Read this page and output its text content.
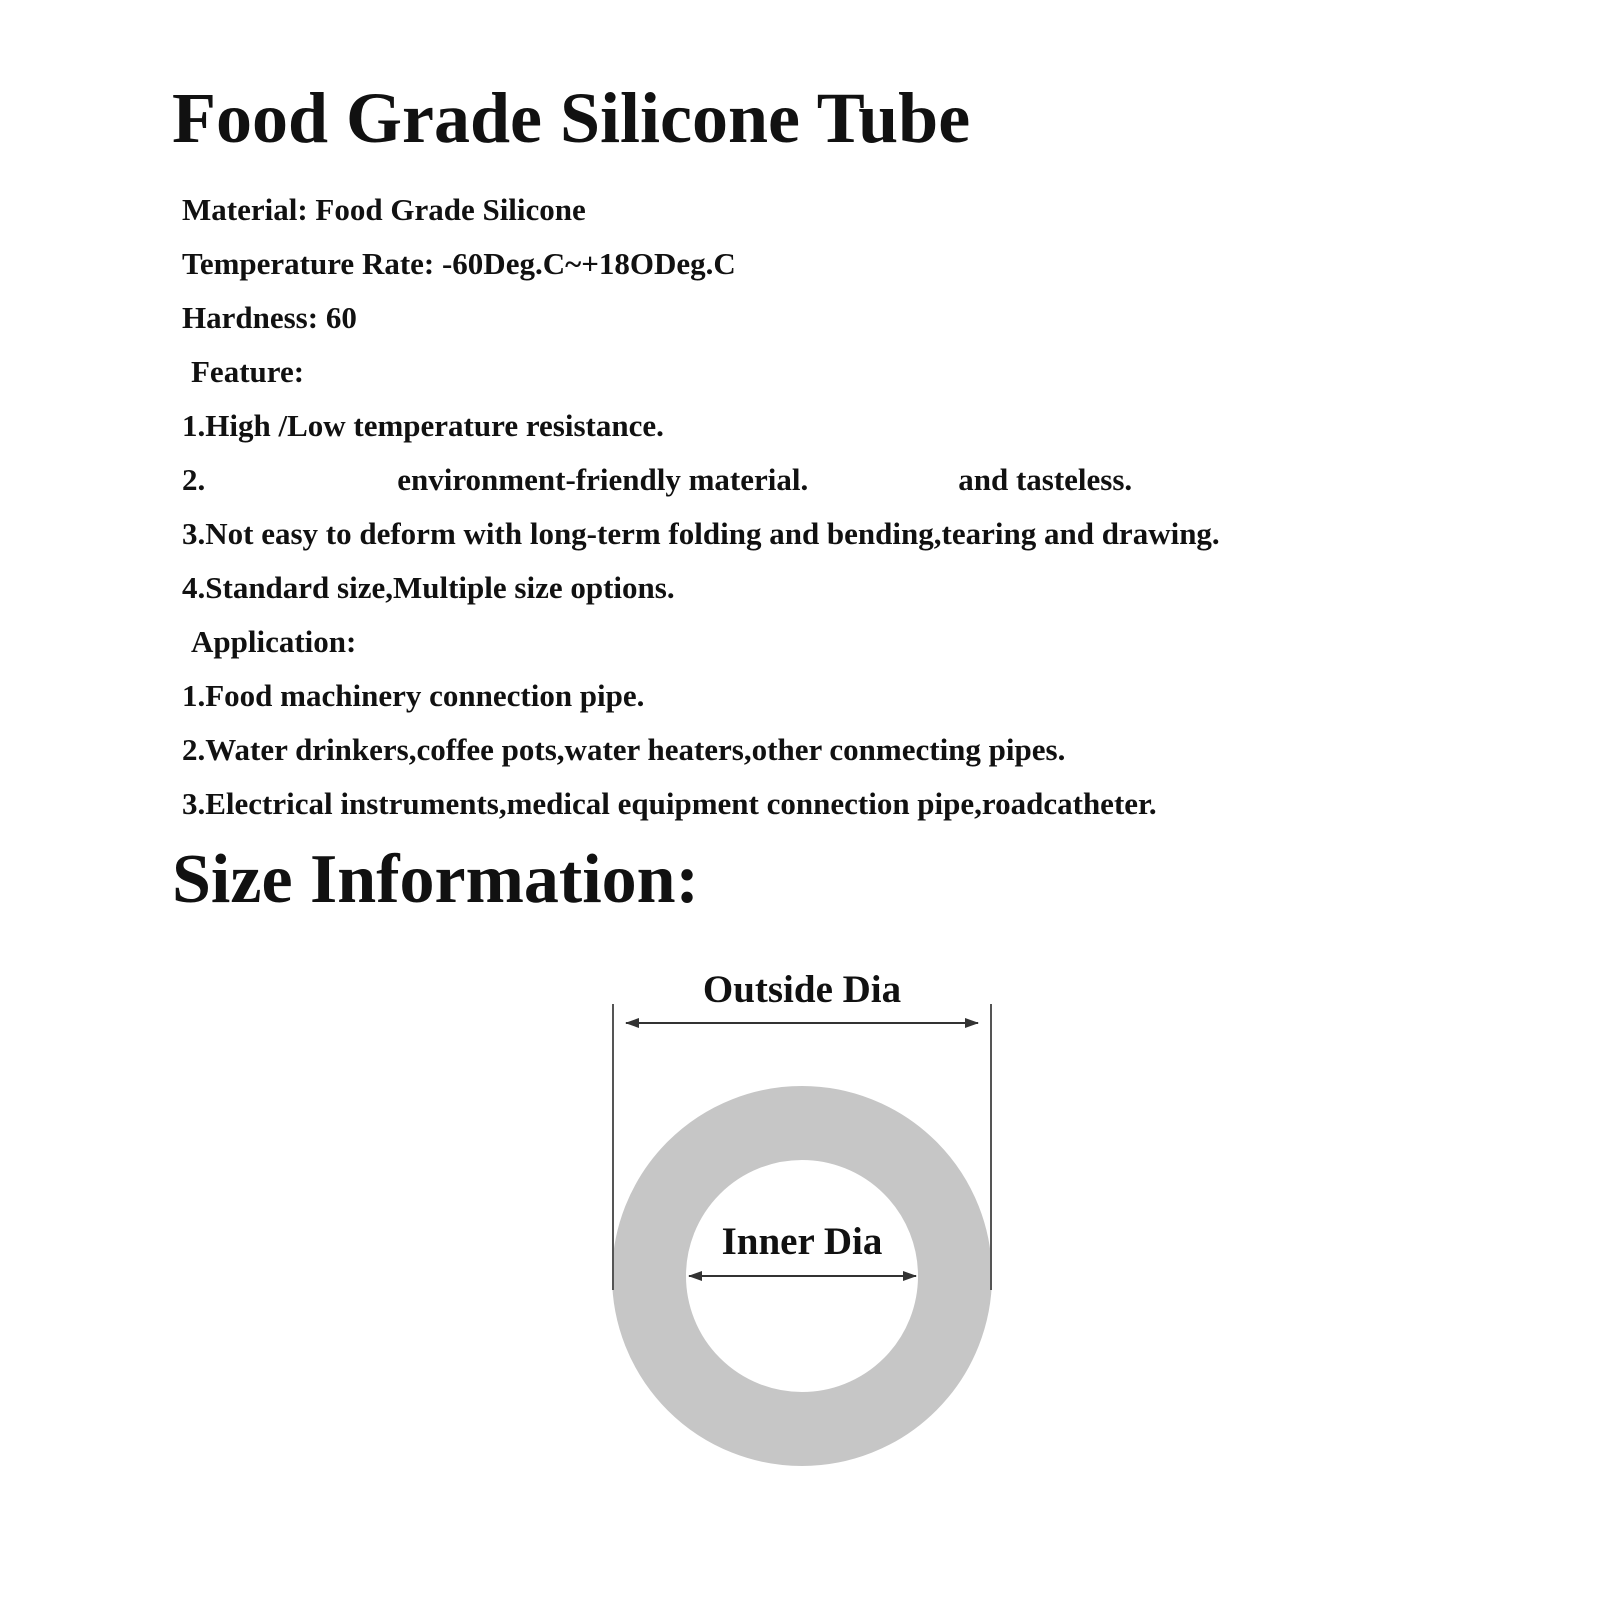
Food Grade Silicone Tube
Material: Food Grade Silicone
Temperature Rate: -60Deg.C~+18ODeg.C
Hardness: 60
Feature:
1.High /Low temperature resistance.
2.	environment-friendly material.	and tasteless.
3.Not easy to deform with long-term folding and bending,tearing and drawing.
4.Standard size,Multiple size options.
Application:
1.Food machinery connection pipe.
2.Water drinkers,coffee pots,water heaters,other conmecting pipes.
3.Electrical instruments,medical equipment connection pipe,roadcatheter.
Size Information:
Outside Dia
Inner Dia
